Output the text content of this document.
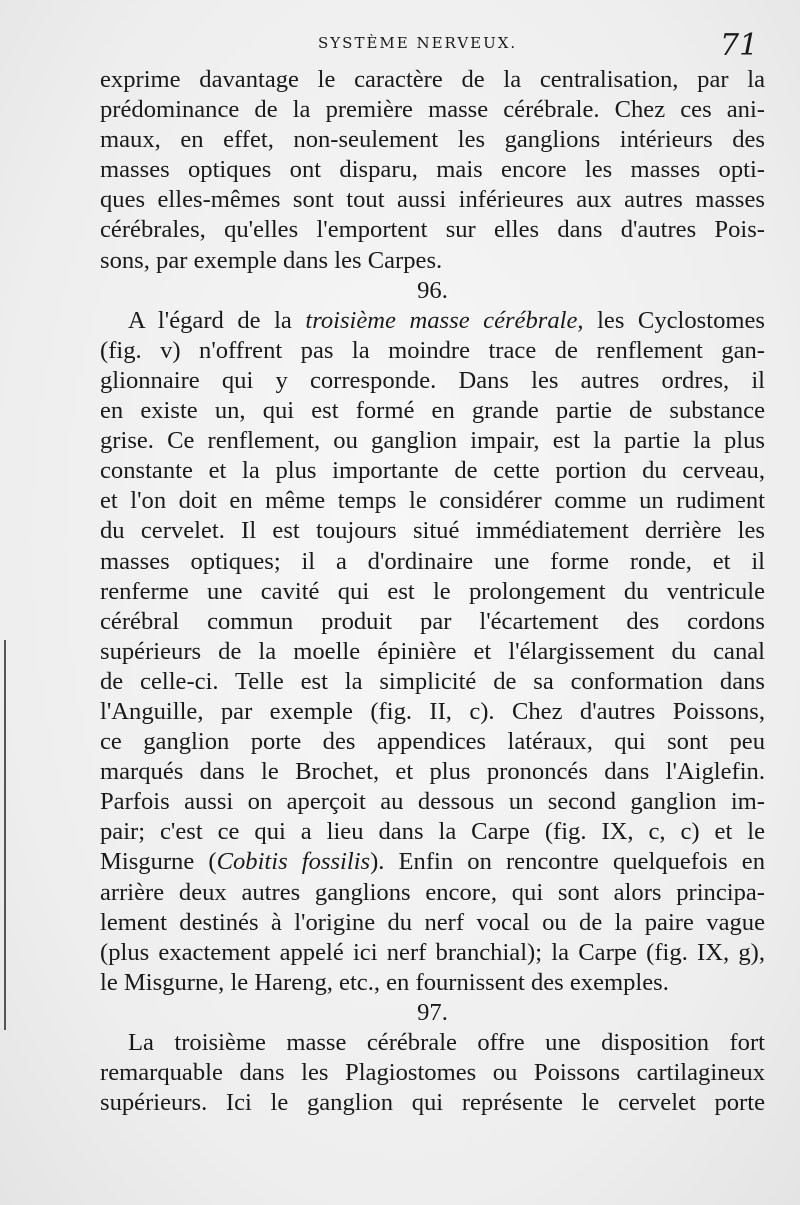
SYSTÈME NERVEUX.	71
exprime davantage le caractère de la centralisation, par la
prédominance de la première masse cérébrale. Chez ces ani-
maux, en effet, non-seulement les ganglions intérieurs des
masses optiques ont disparu, mais encore les masses opti-
ques elles-mêmes sont tout aussi inférieures aux autres masses
cérébrales, qu'elles l'emportent sur elles dans d'autres Pois-
sons, par exemple dans les Carpes.
96.
A l'égard de la troisième masse cérébrale, les Cyclostomes
(fig. v) n'offrent pas la moindre trace de renflement gan-
glionnaire qui y corresponde. Dans les autres ordres, il
en existe un, qui est formé en grande partie de substance
grise. Ce renflement, ou ganglion impair, est la partie la plus
constante et la plus importante de cette portion du cerveau,
et l'on doit en même temps le considérer comme un rudiment
du cervelet. Il est toujours situé immédiatement derrière les
masses optiques; il a d'ordinaire une forme ronde, et il
renferme une cavité qui est le prolongement du ventricule
cérébral commun produit par l'écartement des cordons
supérieurs de la moelle épinière et l'élargissement du canal
de celle-ci. Telle est la simplicité de sa conformation dans
l'Anguille, par exemple (fig. II, c). Chez d'autres Poissons,
ce ganglion porte des appendices latéraux, qui sont peu
marqués dans le Brochet, et plus prononcés dans l'Aiglefin.
Parfois aussi on aperçoit au dessous un second ganglion im-
pair; c'est ce qui a lieu dans la Carpe (fig. IX, c, c) et le
Misgurne (Cobitis fossilis). Enfin on rencontre quelquefois en
arrière deux autres ganglions encore, qui sont alors principa-
lement destinés à l'origine du nerf vocal ou de la paire vague
(plus exactement appelé ici nerf branchial); la Carpe (fig. IX, g),
le Misgurne, le Hareng, etc., en fournissent des exemples.
97.
La troisième masse cérébrale offre une disposition fort
remarquable dans les Plagiostomes ou Poissons cartilagineux
supérieurs. Ici le ganglion qui représente le cervelet porte
